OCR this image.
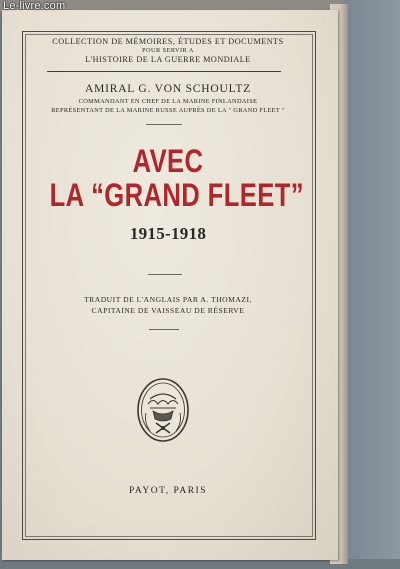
Le-livre.com
COLLECTION DE MÉMOIRES, ÉTUDES ET DOCUMENTS
POUR SERVIR A
L'HISTOIRE DE LA GUERRE MONDIALE
AMIRAL G. VON SCHOULTZ
COMMANDANT EN CHEF DE LA MARINE FINLANDAISE
REPRÉSENTANT DE LA MARINE RUSSE AUPRÈS DE LA " GRAND FLEET "
AVEC
LA “GRAND FLEET”
1915-1918
TRADUIT DE L'ANGLAIS PAR A. THOMAZI,
CAPITAINE DE VAISSEAU DE RÉSERVE
PAYOT, PARIS
